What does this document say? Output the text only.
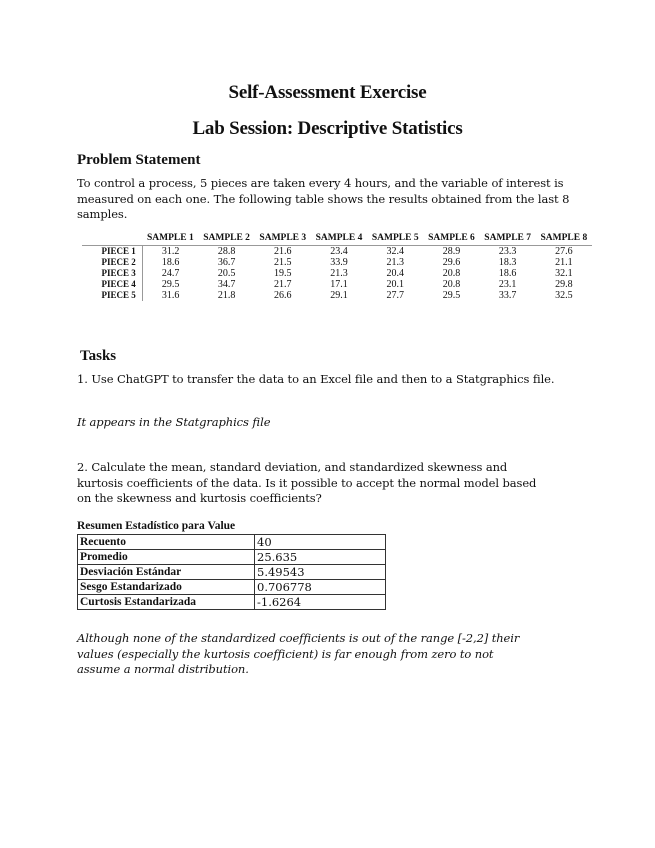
Self-Assessment Exercise
Lab Session: Descriptive Statistics
Problem Statement
To control a process, 5 pieces are taken every 4 hours, and the variable of interest is measured on each one. The following table shows the results obtained from the last 8 samples.
	SAMPLE 1	SAMPLE 2	SAMPLE 3	SAMPLE 4	SAMPLE 5	SAMPLE 6	SAMPLE 7	SAMPLE 8
PIECE 1	31.2	28.8	21.6	23.4	32.4	28.9	23.3	27.6
PIECE 2	18.6	36.7	21.5	33.9	21.3	29.6	18.3	21.1
PIECE 3	24.7	20.5	19.5	21.3	20.4	20.8	18.6	32.1
PIECE 4	29.5	34.7	21.7	17.1	20.1	20.8	23.1	29.8
PIECE 5	31.6	21.8	26.6	29.1	27.7	29.5	33.7	32.5
Tasks
1. Use ChatGPT to transfer the data to an Excel file and then to a Statgraphics file.
It appears in the Statgraphics file
2. Calculate the mean, standard deviation, and standardized skewness and kurtosis coefficients of the data. Is it possible to accept the normal model based on the skewness and kurtosis coefficients?
Resumen Estadístico para Value
Recuento	40
Promedio	25.635
Desviación Estándar	5.49543
Sesgo Estandarizado	0.706778
Curtosis Estandarizada	-1.6264
Although none of the standardized coefficients is out of the range [-2,2] their values (especially the kurtosis coefficient) is far enough from zero to not assume a normal distribution.
